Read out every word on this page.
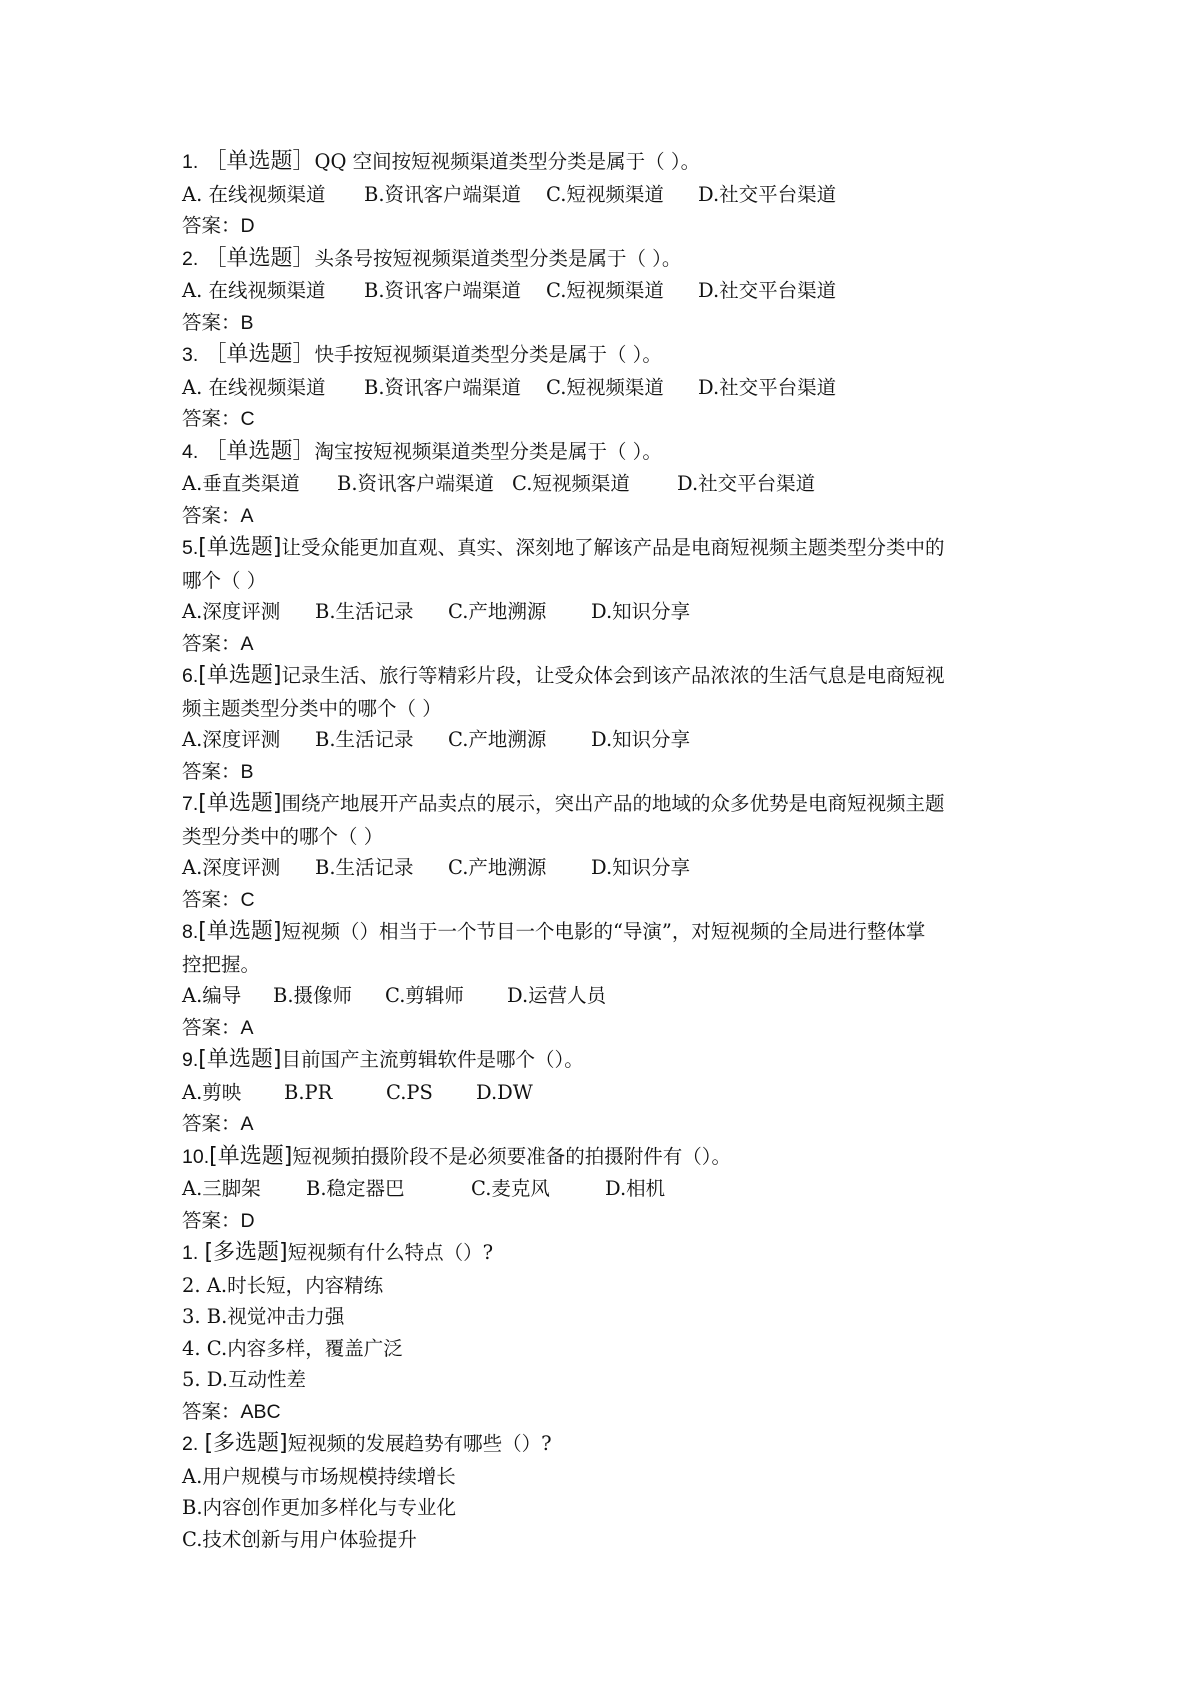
1. ［单选题］QQ 空间按短视频渠道类型分类是属于（ ）。
A. 在线视频渠道	B.资讯客户端渠道	C.短视频渠道	D.社交平台渠道
答案：D
2. ［单选题］头条号按短视频渠道类型分类是属于（ ）。
A. 在线视频渠道	B.资讯客户端渠道	C.短视频渠道	D.社交平台渠道
答案：B
3. ［单选题］快手按短视频渠道类型分类是属于（ ）。
A. 在线视频渠道	B.资讯客户端渠道	C.短视频渠道	D.社交平台渠道
答案：C
4. ［单选题］淘宝按短视频渠道类型分类是属于（ ）。
A.垂直类渠道	B.资讯客户端渠道 C.短视频渠道	D.社交平台渠道
答案：A
5.[单选题]让受众能更加直观、真实、深刻地了解该产品是电商短视频主题类型分类中的
哪个（ ）
A.深度评测	B.生活记录	C.产地溯源	D.知识分享
答案：A
6.[单选题]记录生活、旅行等精彩片段，让受众体会到该产品浓浓的生活气息是电商短视
频主题类型分类中的哪个（ ）
A.深度评测	B.生活记录	C.产地溯源	D.知识分享
答案：B
7.[单选题]围绕产地展开产品卖点的展示，突出产品的地域的众多优势是电商短视频主题
类型分类中的哪个（ ）
A.深度评测	B.生活记录	C.产地溯源	D.知识分享
答案：C
8.[单选题]短视频（）相当于一个节目一个电影的“导演”，对短视频的全局进行整体掌
控把握。
A.编导	B.摄像师	C.剪辑师	D.运营人员
答案：A
9.[单选题]目前国产主流剪辑软件是哪个（）。
A.剪映	B.PR	C.PS	D.DW
答案：A
10.[单选题]短视频拍摄阶段不是必须要准备的拍摄附件有（）。
A.三脚架	B.稳定器巴	C.麦克风	D.相机
答案：D
1. [多选题]短视频有什么特点（）?
2. A.时长短，内容精练
3. B.视觉冲击力强
4. C.内容多样，覆盖广泛
5. D.互动性差
答案：ABC
2. [多选题]短视频的发展趋势有哪些（）?
A.用户规模与市场规模持续增长
B.内容创作更加多样化与专业化
C.技术创新与用户体验提升
